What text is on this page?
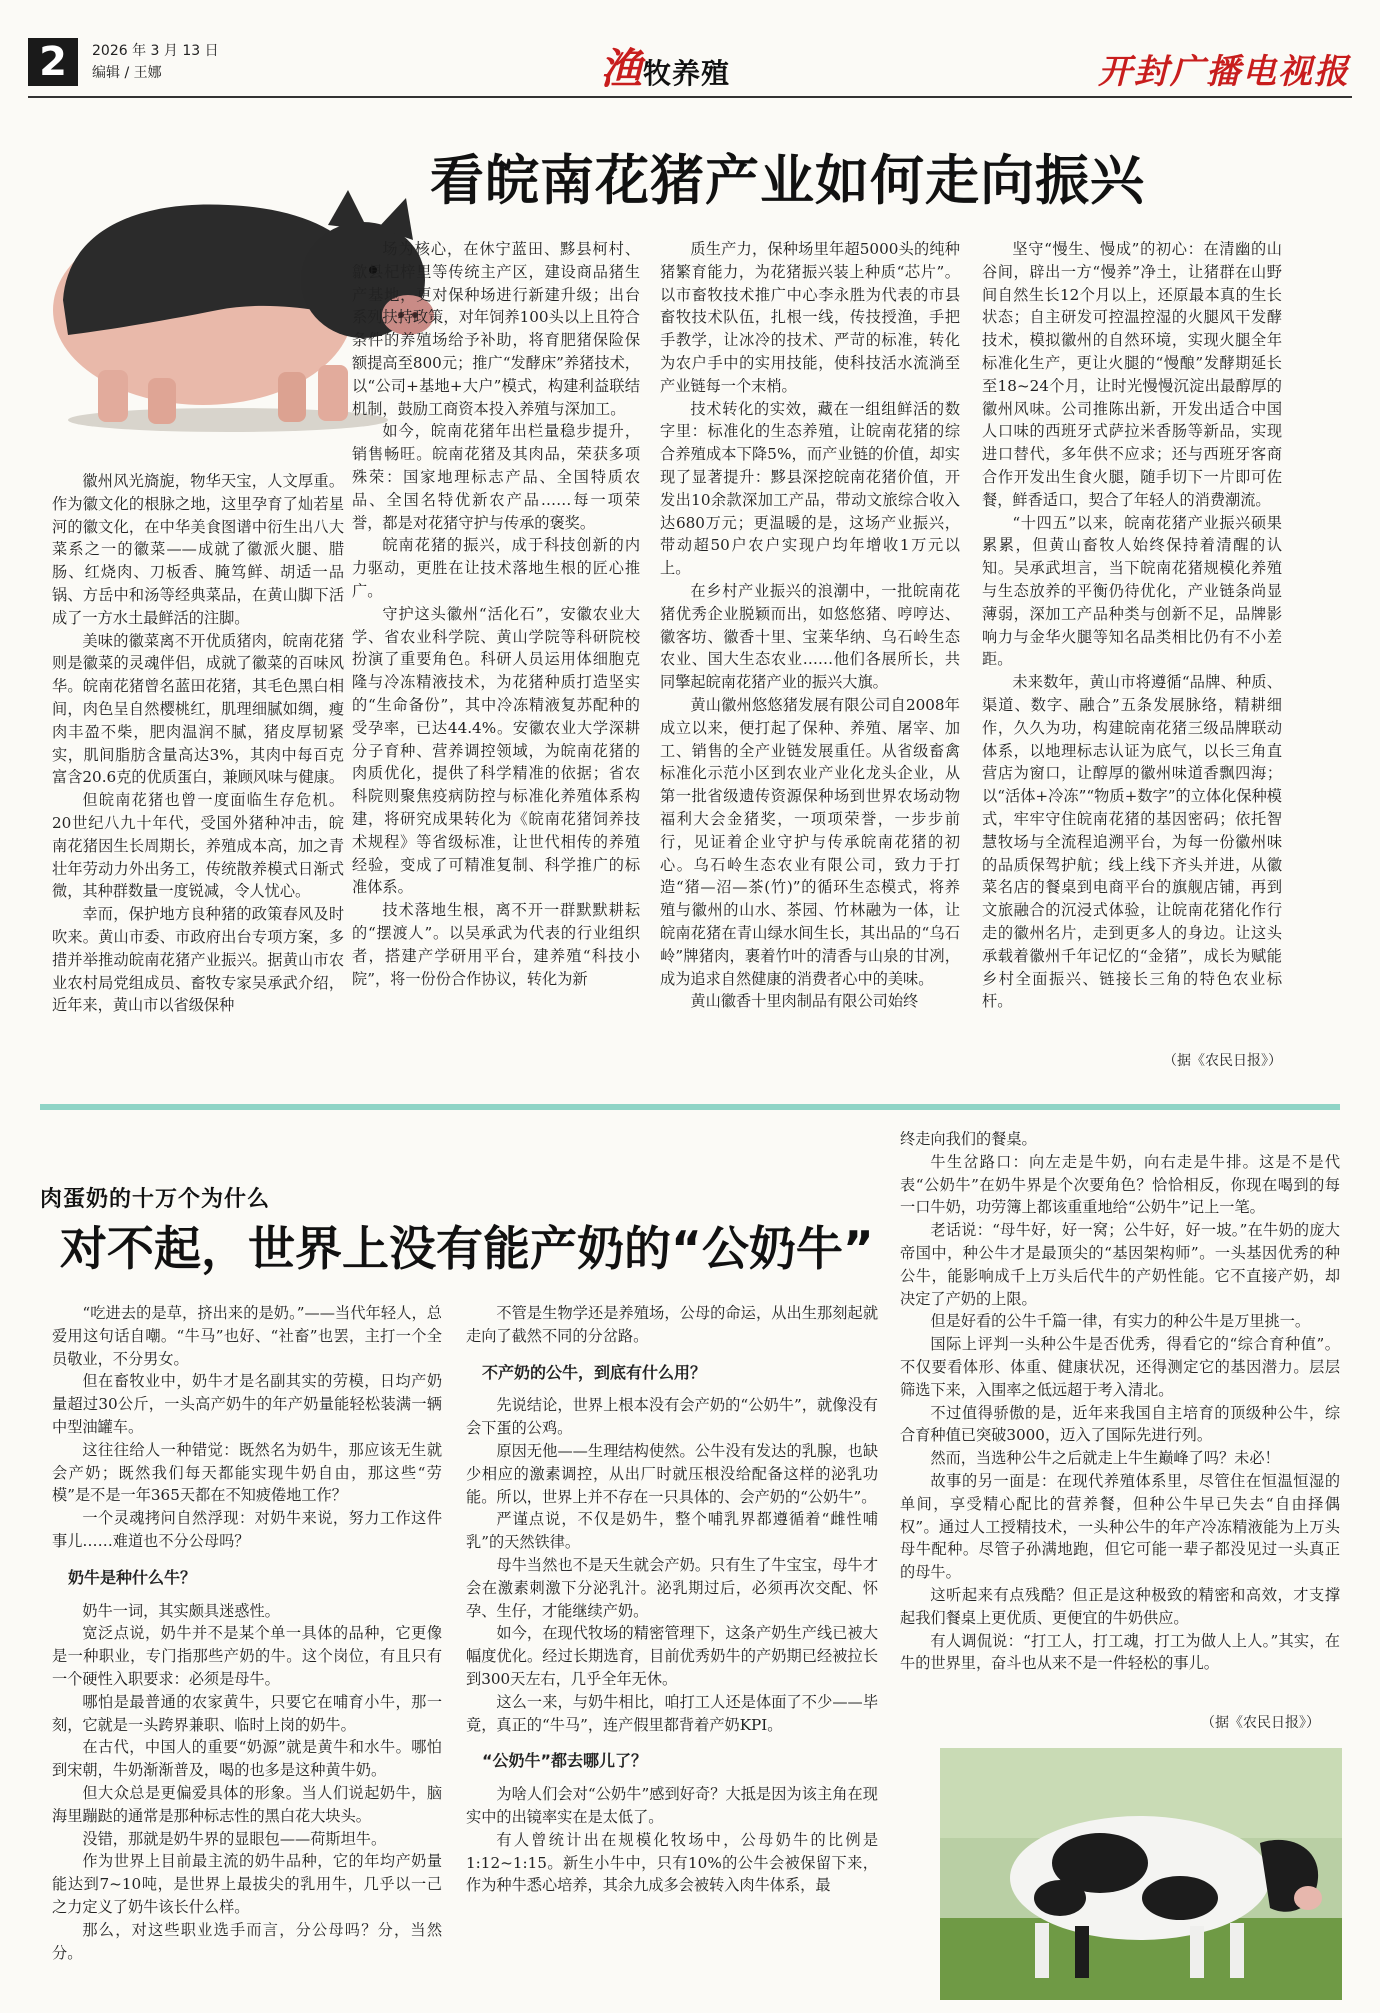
2	2026 年 3 月 13 日
编辑 / 王娜	渔牧养殖	开封广播电视报
看皖南花猪产业如何走向振兴

徽州风光旖旎，物华天宝，人文厚重。作为徽文化的根脉之地，这里孕育了灿若星河的徽文化，在中华美食图谱中衍生出八大菜系之一的徽菜——成就了徽派火腿、腊肠、红烧肉、刀板香、腌笃鲜、胡适一品锅、方岳中和汤等经典菜品，在黄山脚下活成了一方水土最鲜活的注脚。

美味的徽菜离不开优质猪肉，皖南花猪则是徽菜的灵魂伴侣，成就了徽菜的百味风华。皖南花猪曾名蓝田花猪，其毛色黑白相间，肉色呈自然樱桃红，肌理细腻如绸，瘦肉丰盈不柴，肥肉温润不腻，猪皮厚韧紧实，肌间脂肪含量高达3%，其肉中每百克富含20.6克的优质蛋白，兼顾风味与健康。

但皖南花猪也曾一度面临生存危机。20世纪八九十年代，受国外猪种冲击，皖南花猪因生长周期长，养殖成本高，加之青壮年劳动力外出务工，传统散养模式日渐式微，其种群数量一度锐减，令人忧心。

幸而，保护地方良种猪的政策春风及时吹来。黄山市委、市政府出台专项方案，多措并举推动皖南花猪产业振兴。据黄山市农业农村局党组成员、畜牧专家吴承武介绍，近年来，黄山市以省级保种

场为核心，在休宁蓝田、黟县柯村、歙县杞梓里等传统主产区，建设商品猪生产基地，更对保种场进行新建升级；出台系列扶持政策，对年饲养100头以上且符合条件的养殖场给予补助，将育肥猪保险保额提高至800元；推广“发酵床”养猪技术，以“公司+基地+大户”模式，构建利益联结机制，鼓励工商资本投入养殖与深加工。

如今，皖南花猪年出栏量稳步提升，销售畅旺。皖南花猪及其肉品，荣获多项殊荣：国家地理标志产品、全国特质农品、全国名特优新农产品……每一项荣誉，都是对花猪守护与传承的褒奖。

皖南花猪的振兴，成于科技创新的内力驱动，更胜在让技术落地生根的匠心推广。

守护这头徽州“活化石”，安徽农业大学、省农业科学院、黄山学院等科研院校扮演了重要角色。科研人员运用体细胞克隆与冷冻精液技术，为花猪种质打造坚实的“生命备份”，其中冷冻精液复苏配种的受孕率，已达44.4%。安徽农业大学深耕分子育种、营养调控领域，为皖南花猪的肉质优化，提供了科学精准的依据；省农科院则聚焦疫病防控与标准化养殖体系构建，将研究成果转化为《皖南花猪饲养技术规程》等省级标准，让世代相传的养殖经验，变成了可精准复制、科学推广的标准体系。

技术落地生根，离不开一群默默耕耘的“摆渡人”。以吴承武为代表的行业组织者，搭建产学研用平台，建养殖“科技小院”，将一份份合作协议，转化为新

质生产力，保种场里年超5000头的纯种猪繁育能力，为花猪振兴装上种质“芯片”。以市畜牧技术推广中心李永胜为代表的市县畜牧技术队伍，扎根一线，传技授渔，手把手教学，让冰冷的技术、严苛的标准，转化为农户手中的实用技能，使科技活水流淌至产业链每一个末梢。

技术转化的实效，藏在一组组鲜活的数字里：标准化的生态养殖，让皖南花猪的综合养殖成本下降5%，而产业链的价值，却实现了显著提升：黟县深挖皖南花猪价值，开发出10余款深加工产品，带动文旅综合收入达680万元；更温暖的是，这场产业振兴，带动超50户农户实现户均年增收1万元以上。

在乡村产业振兴的浪潮中，一批皖南花猪优秀企业脱颖而出，如悠悠猪、哼哼达、徽客坊、徽香十里、宝莱华纳、乌石岭生态农业、国大生态农业……他们各展所长，共同擎起皖南花猪产业的振兴大旗。

黄山徽州悠悠猪发展有限公司自2008年成立以来，便打起了保种、养殖、屠宰、加工、销售的全产业链发展重任。从省级畜禽标准化示范小区到农业产业化龙头企业，从第一批省级遗传资源保种场到世界农场动物福利大会金猪奖，一项项荣誉，一步步前行，见证着企业守护与传承皖南花猪的初心。乌石岭生态农业有限公司，致力于打造“猪—沼—茶(竹)”的循环生态模式，将养殖与徽州的山水、茶园、竹林融为一体，让皖南花猪在青山绿水间生长，其出品的“乌石岭”牌猪肉，裹着竹叶的清香与山泉的甘冽，成为追求自然健康的消费者心中的美味。

黄山徽香十里肉制品有限公司始终

坚守“慢生、慢成”的初心：在清幽的山谷间，辟出一方“慢养”净土，让猪群在山野间自然生长12个月以上，还原最本真的生长状态；自主研发可控温控湿的火腿风干发酵技术，模拟徽州的自然环境，实现火腿全年标准化生产，更让火腿的“慢酿”发酵期延长至18~24个月，让时光慢慢沉淀出最醇厚的徽州风味。公司推陈出新，开发出适合中国人口味的西班牙式萨拉米香肠等新品，实现进口替代，多年供不应求；还与西班牙客商合作开发出生食火腿，随手切下一片即可佐餐，鲜香适口，契合了年轻人的消费潮流。

“十四五”以来，皖南花猪产业振兴硕果累累，但黄山畜牧人始终保持着清醒的认知。吴承武坦言，当下皖南花猪规模化养殖与生态放养的平衡仍待优化，产业链条尚显薄弱，深加工产品种类与创新不足，品牌影响力与金华火腿等知名品类相比仍有不小差距。

未来数年，黄山市将遵循“品牌、种质、渠道、数字、融合”五条发展脉络，精耕细作，久久为功，构建皖南花猪三级品牌联动体系，以地理标志认证为底气，以长三角直营店为窗口，让醇厚的徽州味道香飘四海；以“活体+冷冻”“物质+数字”的立体化保种模式，牢牢守住皖南花猪的基因密码；依托智慧牧场与全流程追溯平台，为每一份徽州味的品质保驾护航；线上线下齐头并进，从徽菜名店的餐桌到电商平台的旗舰店铺，再到文旅融合的沉浸式体验，让皖南花猪化作行走的徽州名片，走到更多人的身边。让这头承载着徽州千年记忆的“金猪”，成长为赋能乡村全面振兴、链接长三角的特色农业标杆。

（据《农民日报》）
肉蛋奶的十万个为什么
对不起，世界上没有能产奶的“公奶牛”

“吃进去的是草，挤出来的是奶。”——当代年轻人，总爱用这句话自嘲。“牛马”也好、“社畜”也罢，主打一个全员敬业，不分男女。

但在畜牧业中，奶牛才是名副其实的劳模，日均产奶量超过30公斤，一头高产奶牛的年产奶量能轻松装满一辆中型油罐车。

这往往给人一种错觉：既然名为奶牛，那应该无生就会产奶；既然我们每天都能实现牛奶自由，那这些“劳模”是不是一年365天都在不知疲倦地工作？

一个灵魂拷问自然浮现：对奶牛来说，努力工作这件事儿……难道也不分公母吗？

奶牛是种什么牛？

奶牛一词，其实颇具迷惑性。

宽泛点说，奶牛并不是某个单一具体的品种，它更像是一种职业，专门指那些产奶的牛。这个岗位，有且只有一个硬性入职要求：必须是母牛。

哪怕是最普通的农家黄牛，只要它在哺育小牛，那一刻，它就是一头跨界兼职、临时上岗的奶牛。

在古代，中国人的重要“奶源”就是黄牛和水牛。哪怕到宋朝，牛奶渐渐普及，喝的也多是这种黄牛奶。

但大众总是更偏爱具体的形象。当人们说起奶牛，脑海里蹦跶的通常是那种标志性的黑白花大块头。

没错，那就是奶牛界的显眼包——荷斯坦牛。

作为世界上目前最主流的奶牛品种，它的年均产奶量能达到7~10吨，是世界上最拔尖的乳用牛，几乎以一己之力定义了奶牛该长什么样。

那么，对这些职业选手而言，分公母吗？分，当然分。

不管是生物学还是养殖场，公母的命运，从出生那刻起就走向了截然不同的分岔路。

不产奶的公牛，到底有什么用？

先说结论，世界上根本没有会产奶的“公奶牛”，就像没有会下蛋的公鸡。

原因无他——生理结构使然。公牛没有发达的乳腺，也缺少相应的激素调控，从出厂时就压根没给配备这样的泌乳功能。所以，世界上并不存在一只具体的、会产奶的“公奶牛”。

严谨点说，不仅是奶牛，整个哺乳界都遵循着“雌性哺乳”的天然铁律。

母牛当然也不是天生就会产奶。只有生了牛宝宝，母牛才会在激素刺激下分泌乳汁。泌乳期过后，必须再次交配、怀孕、生仔，才能继续产奶。

如今，在现代牧场的精密管理下，这条产奶生产线已被大幅度优化。经过长期选育，目前优秀奶牛的产奶期已经被拉长到300天左右，几乎全年无休。

这么一来，与奶牛相比，咱打工人还是体面了不少——毕竟，真正的“牛马”，连产假里都背着产奶KPI。

“公奶牛”都去哪儿了？

为啥人们会对“公奶牛”感到好奇？大抵是因为该主角在现实中的出镜率实在是太低了。

有人曾统计出在规模化牧场中，公母奶牛的比例是1:12~1:15。新生小牛中，只有10%的公牛会被保留下来，作为种牛悉心培养，其余九成多会被转入肉牛体系，最

终走向我们的餐桌。

牛生岔路口：向左走是牛奶，向右走是牛排。这是不是代表“公奶牛”在奶牛界是个次要角色？恰恰相反，你现在喝到的每一口牛奶，功劳簿上都该重重地给“公奶牛”记上一笔。

老话说：“母牛好，好一窝；公牛好，好一坡。”在牛奶的庞大帝国中，种公牛才是最顶尖的“基因架构师”。一头基因优秀的种公牛，能影响成千上万头后代牛的产奶性能。它不直接产奶，却决定了产奶的上限。

但是好看的公牛千篇一律，有实力的种公牛是万里挑一。

国际上评判一头种公牛是否优秀，得看它的“综合育种值”。不仅要看体形、体重、健康状况，还得测定它的基因潜力。层层筛选下来，入围率之低远超于考入清北。

不过值得骄傲的是，近年来我国自主培育的顶级种公牛，综合育种值已突破3000，迈入了国际先进行列。

然而，当选种公牛之后就走上牛生巅峰了吗？未必！

故事的另一面是：在现代养殖体系里，尽管住在恒温恒湿的单间，享受精心配比的营养餐，但种公牛早已失去“自由择偶权”。通过人工授精技术，一头种公牛的年产冷冻精液能为上万头母牛配种。尽管子孙满地跑，但它可能一辈子都没见过一头真正的母牛。

这听起来有点残酷？但正是这种极致的精密和高效，才支撑起我们餐桌上更优质、更便宜的牛奶供应。

有人调侃说：“打工人，打工魂，打工为做人上人。”其实，在牛的世界里，奋斗也从来不是一件轻松的事儿。

（据《农民日报》）
